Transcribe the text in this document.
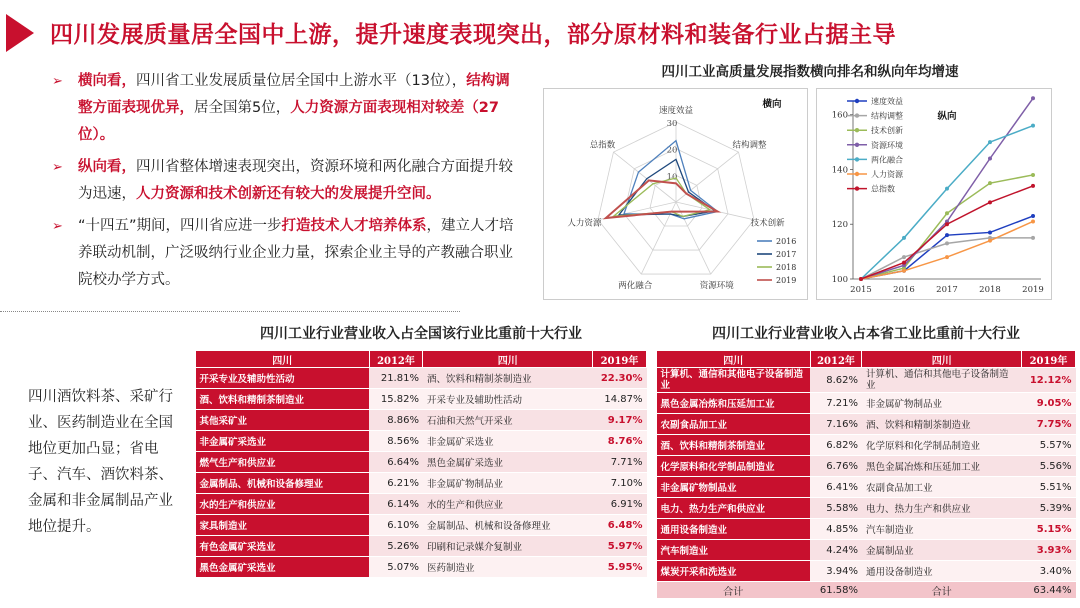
四川发展质量居全国中上游，提升速度表现突出，部分原材料和装备行业占据主导
➢ 横向看，四川省工业发展质量位居全国中上游水平（13位），结构调整方面表现优异，居全国第5位，人力资源方面表现相对较差（27位）。
➢ 纵向看，四川省整体增速表现突出，资源环境和两化融合方面提升较为迅速，人力资源和技术创新还有较大的发展提升空间。
➢ “十四五”期间，四川省应进一步打造技术人才培养体系，建立人才培养联动机制，广泛吸纳行业企业力量，探索企业主导的产教融合职业院校办学方式。
四川工业高质量发展指数横向排名和纵向年均增速
速度效益
结构调整
技术创新
资源环境
两化融合
人力资源
总指数
30
20
10
2016
2017
2018
2019
横向
100
120
140
160
2015	2016	2017	2018	2019
速度效益
结构调整
技术创新
资源环境
两化融合
人力资源
总指数
纵向
四川工业行业营业收入占全国该行业比重前十大行业
四川	2012年	四川	2019年
开采专业及辅助性活动	21.81%	酒、饮料和精制茶制造业	22.30%
酒、饮料和精制茶制造业	15.82%	开采专业及辅助性活动	14.87%
其他采矿业	8.86%	石油和天然气开采业	9.17%
非金属矿采选业	8.56%	非金属矿采选业	8.76%
燃气生产和供应业	6.64%	黑色金属矿采选业	7.71%
金属制品、机械和设备修理业	6.21%	非金属矿物制品业	7.10%
水的生产和供应业	6.14%	水的生产和供应业	6.91%
家具制造业	6.10%	金属制品、机械和设备修理业	6.48%
有色金属矿采选业	5.26%	印刷和记录媒介复制业	5.97%
黑色金属矿采选业	5.07%	医药制造业	5.95%
四川工业行业营业收入占本省工业比重前十大行业
四川	2012年	四川	2019年
计算机、通信和其他电子设备制造业	8.62%	计算机、通信和其他电子设备制造业	12.12%
黑色金属冶炼和压延加工业	7.21%	非金属矿物制品业	9.05%
农副食品加工业	7.16%	酒、饮料和精制茶制造业	7.75%
酒、饮料和精制茶制造业	6.82%	化学原料和化学制品制造业	5.57%
化学原料和化学制品制造业	6.76%	黑色金属冶炼和压延加工业	5.56%
非金属矿物制品业	6.41%	农副食品加工业	5.51%
电力、热力生产和供应业	5.58%	电力、热力生产和供应业	5.39%
通用设备制造业	4.85%	汽车制造业	5.15%
汽车制造业	4.24%	金属制品业	3.93%
煤炭开采和洗选业	3.94%	通用设备制造业	3.40%
合计	61.58%	合计	63.44%
四川酒饮料茶、采矿行业、医药制造业在全国地位更加凸显；省电子、汽车、酒饮料茶、金属和非金属制品产业地位提升。
